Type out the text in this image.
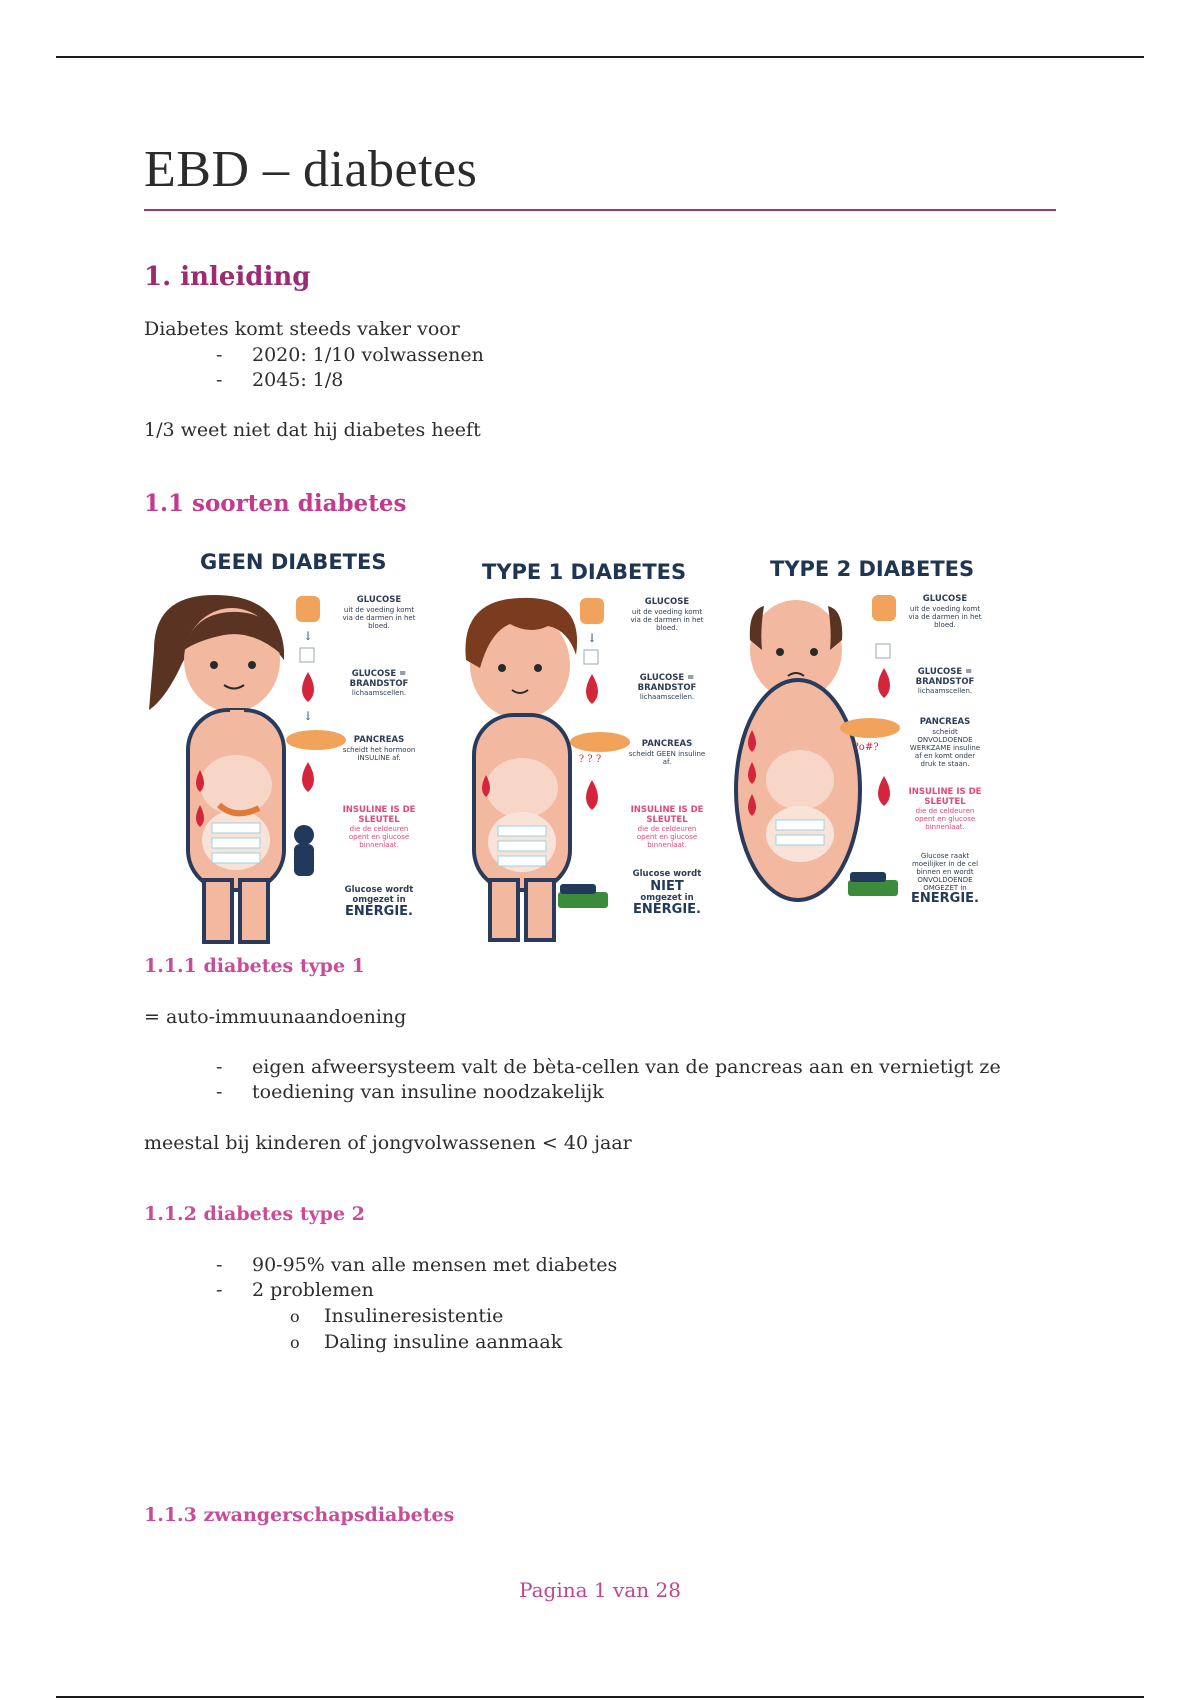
EBD – diabetes
1. inleiding
Diabetes komt steeds vaker voor
- 2020: 1/10 volwassenen
- 2045: 1/8
1/3 weet niet dat hij diabetes heeft
1.1 soorten diabetes
GEEN DIABETES
↓
↓
GLUCOSE
uit de voeding komt via de darmen in het bloed.
GLUCOSE = BRANDSTOF
lichaamscellen.
PANCREAS
scheidt het hormoon INSULINE af.
INSULINE IS DE SLEUTEL
die de celdeuren opent en glucose binnenlaat.
Glucose wordt omgezet in
ENERGIE.
TYPE 1 DIABETES
↓
? ? ?
GLUCOSE
uit de voeding komt via de darmen in het bloed.
GLUCOSE = BRANDSTOF
lichaamscellen.
PANCREAS
scheidt GEEN insuline af.
INSULINE IS DE SLEUTEL
die de celdeuren opent en glucose binnenlaat.
Glucose wordt
NIET
omgezet in
ENERGIE.
TYPE 2 DIABETES
?o#?
GLUCOSE
uit de voeding komt via de darmen in het bloed.
GLUCOSE = BRANDSTOF
lichaamscellen.
PANCREAS
scheidt ONVOLDOENDE WERKZAME insuline af en komt onder druk te staan.
INSULINE IS DE SLEUTEL
die de celdeuren opent en glucose binnenlaat.
Glucose raakt moeilijker in de cel binnen en wordt ONVOLDOENDE OMGEZET in
ENERGIE.
1.1.1 diabetes type 1
= auto-immuunaandoening
- eigen afweersysteem valt de bèta-cellen van de pancreas aan en vernietigt ze
- toediening van insuline noodzakelijk
meestal bij kinderen of jongvolwassenen < 40 jaar
1.1.2 diabetes type 2
- 90-95% van alle mensen met diabetes
- 2 problemen
o Insulineresistentie
o Daling insuline aanmaak
1.1.3 zwangerschapsdiabetes
Pagina 1 van 28
